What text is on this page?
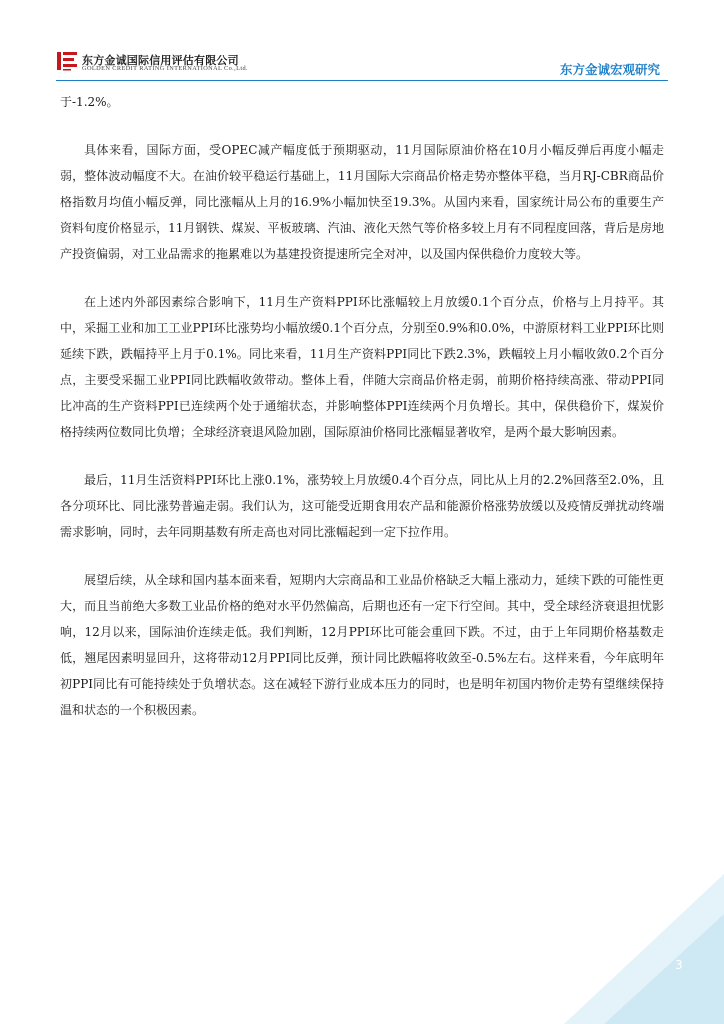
东方金诚国际信用评估有限公司
GOLDEN CREDIT RATING INTERNATIONAL Co.,Ltd.	东方金诚宏观研究

于-1.2%。

具体来看，国际方面，受OPEC减产幅度低于预期驱动，11月国际原油价格在10月小幅反弹后再度小幅走弱，整体波动幅度不大。在油价较平稳运行基础上，11月国际大宗商品价格走势亦整体平稳，当月RJ-CBR商品价格指数月均值小幅反弹，同比涨幅从上月的16.9%小幅加快至19.3%。从国内来看，国家统计局公布的重要生产资料旬度价格显示，11月钢铁、煤炭、平板玻璃、汽油、液化天然气等价格多较上月有不同程度回落，背后是房地产投资偏弱，对工业品需求的拖累难以为基建投资提速所完全对冲，以及国内保供稳价力度较大等。

在上述内外部因素综合影响下，11月生产资料PPI环比涨幅较上月放缓0.1个百分点，价格与上月持平。其中，采掘工业和加工工业PPI环比涨势均小幅放缓0.1个百分点，分别至0.9%和0.0%，中游原材料工业PPI环比则延续下跌，跌幅持平上月于0.1%。同比来看，11月生产资料PPI同比下跌2.3%，跌幅较上月小幅收敛0.2个百分点，主要受采掘工业PPI同比跌幅收敛带动。整体上看，伴随大宗商品价格走弱，前期价格持续高涨、带动PPI同比冲高的生产资料PPI已连续两个处于通缩状态，并影响整体PPI连续两个月负增长。其中，保供稳价下，煤炭价格持续两位数同比负增；全球经济衰退风险加剧，国际原油价格同比涨幅显著收窄，是两个最大影响因素。

最后，11月生活资料PPI环比上涨0.1%，涨势较上月放缓0.4个百分点，同比从上月的2.2%回落至2.0%，且各分项环比、同比涨势普遍走弱。我们认为，这可能受近期食用农产品和能源价格涨势放缓以及疫情反弹扰动终端需求影响，同时，去年同期基数有所走高也对同比涨幅起到一定下拉作用。

展望后续，从全球和国内基本面来看，短期内大宗商品和工业品价格缺乏大幅上涨动力，延续下跌的可能性更大，而且当前绝大多数工业品价格的绝对水平仍然偏高，后期也还有一定下行空间。其中，受全球经济衰退担忧影响，12月以来，国际油价连续走低。我们判断，12月PPI环比可能会重回下跌。不过，由于上年同期价格基数走低，翘尾因素明显回升，这将带动12月PPI同比反弹，预计同比跌幅将收敛至-0.5%左右。这样来看，今年底明年初PPI同比有可能持续处于负增状态。这在减轻下游行业成本压力的同时，也是明年初国内物价走势有望继续保持温和状态的一个积极因素。

3
